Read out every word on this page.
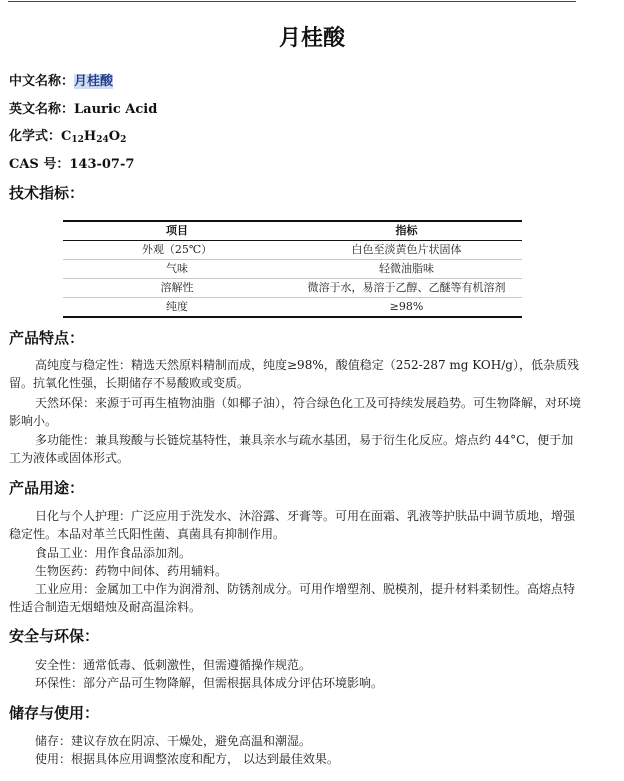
月桂酸
中文名称：月桂酸
英文名称：Lauric Acid
化学式：$C_{12}H_{24}O_2$
CAS 号：143-07-7
技术指标：
项目	指标
外观（25℃）	白色至淡黄色片状固体
气味	轻微油脂味
溶解性	微溶于水，易溶于乙醇、乙醚等有机溶剂
纯度	≥98%
产品特点：

高纯度与稳定性：精选天然原料精制而成，纯度≥98%，酸值稳定（252-287 mg KOH/g），低杂质残留。抗氧化性强，长期储存不易酸败或变质。

天然环保：来源于可再生植物油脂（如椰子油），符合绿色化工及可持续发展趋势。可生物降解，对环境影响小。

多功能性：兼具羧酸与长链烷基特性，兼具亲水与疏水基团，易于衍生化反应。熔点约 44°C，便于加工为液体或固体形式。

产品用途：

日化与个人护理：广泛应用于洗发水、沐浴露、牙膏等。可用在面霜、乳液等护肤品中调节质地，增强稳定性。本品对革兰氏阳性菌、真菌具有抑制作用。

食品工业：用作食品添加剂。

生物医药：药物中间体、药用辅料。

工业应用：金属加工中作为润滑剂、防锈剂成分。可用作增塑剂、脱模剂，提升材料柔韧性。高熔点特性适合制造无烟蜡烛及耐高温涂料。

安全与环保：

安全性：通常低毒、低刺激性，但需遵循操作规范。

环保性：部分产品可生物降解，但需根据具体成分评估环境影响。

储存与使用：

储存：建议存放在阴凉、干燥处，避免高温和潮湿。

使用：根据具体应用调整浓度和配方， 以达到最佳效果。
